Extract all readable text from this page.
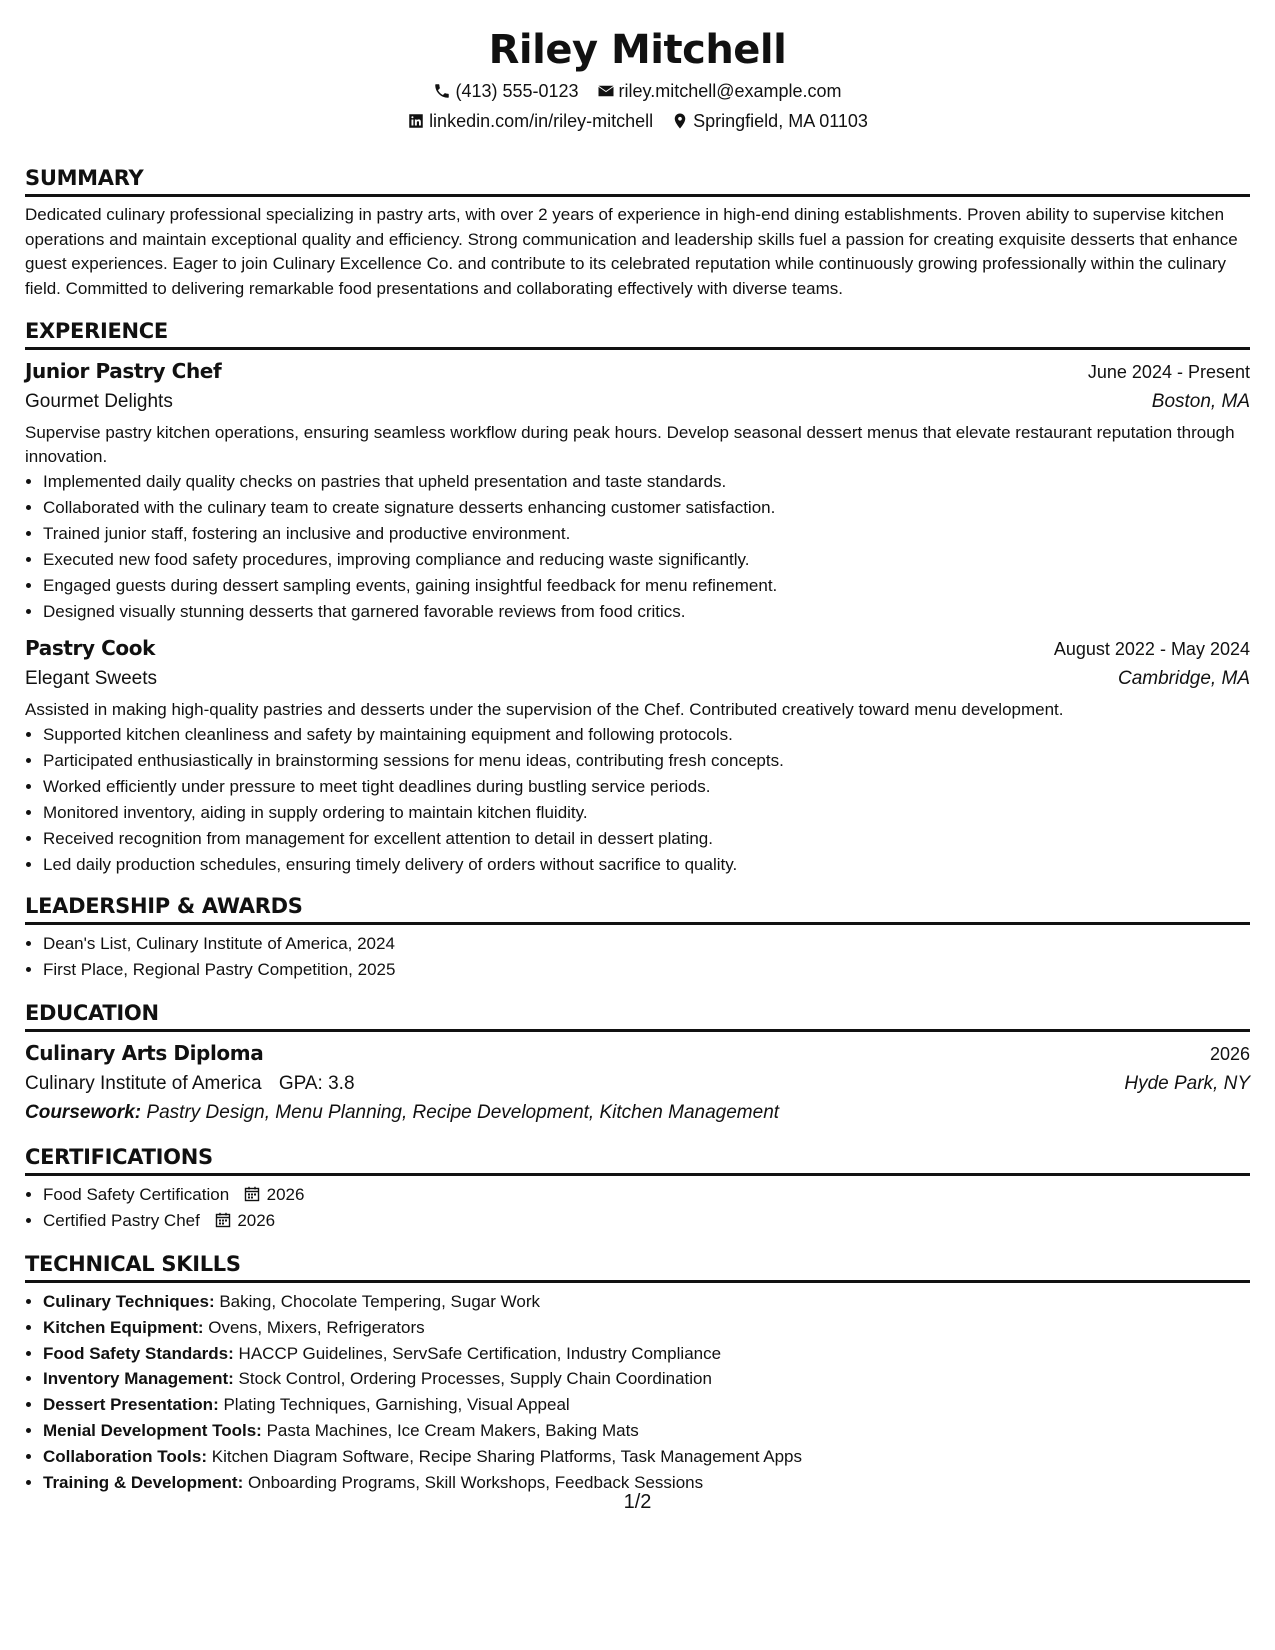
Riley Mitchell
(413) 555-0123 riley.mitchell@example.com
linkedin.com/in/riley-mitchell Springfield, MA 01103
SUMMARY

Dedicated culinary professional specializing in pastry arts, with over 2 years of experience in high-end dining establishments. Proven ability to supervise kitchen operations and maintain exceptional quality and efficiency. Strong communication and leadership skills fuel a passion for creating exquisite desserts that enhance guest experiences. Eager to join Culinary Excellence Co. and contribute to its celebrated reputation while continuously growing professionally within the culinary field. Committed to delivering remarkable food presentations and collaborating effectively with diverse teams.

EXPERIENCE
Junior Pastry Chef	June 2024 - Present
Gourmet Delights	Boston, MA

Supervise pastry kitchen operations, ensuring seamless workflow during peak hours. Develop seasonal dessert menus that elevate restaurant reputation through innovation.

• Implemented daily quality checks on pastries that upheld presentation and taste standards.
• Collaborated with the culinary team to create signature desserts enhancing customer satisfaction.
• Trained junior staff, fostering an inclusive and productive environment.
• Executed new food safety procedures, improving compliance and reducing waste significantly.
• Engaged guests during dessert sampling events, gaining insightful feedback for menu refinement.
• Designed visually stunning desserts that garnered favorable reviews from food critics.
Pastry Cook	August 2022 - May 2024
Elegant Sweets	Cambridge, MA

Assisted in making high-quality pastries and desserts under the supervision of the Chef. Contributed creatively toward menu development.

• Supported kitchen cleanliness and safety by maintaining equipment and following protocols.
• Participated enthusiastically in brainstorming sessions for menu ideas, contributing fresh concepts.
• Worked efficiently under pressure to meet tight deadlines during bustling service periods.
• Monitored inventory, aiding in supply ordering to maintain kitchen fluidity.
• Received recognition from management for excellent attention to detail in dessert plating.
• Led daily production schedules, ensuring timely delivery of orders without sacrifice to quality.
LEADERSHIP & AWARDS
• Dean's List, Culinary Institute of America, 2024
• First Place, Regional Pastry Competition, 2025
EDUCATION
Culinary Arts Diploma	2026
Culinary Institute of America GPA: 3.8	Hyde Park, NY
Coursework: Pastry Design, Menu Planning, Recipe Development, Kitchen Management
CERTIFICATIONS
• Food Safety Certification 2026
• Certified Pastry Chef 2026
TECHNICAL SKILLS
• Culinary Techniques: Baking, Chocolate Tempering, Sugar Work
• Kitchen Equipment: Ovens, Mixers, Refrigerators
• Food Safety Standards: HACCP Guidelines, ServSafe Certification, Industry Compliance
• Inventory Management: Stock Control, Ordering Processes, Supply Chain Coordination
• Dessert Presentation: Plating Techniques, Garnishing, Visual Appeal
• Menial Development Tools: Pasta Machines, Ice Cream Makers, Baking Mats
• Collaboration Tools: Kitchen Diagram Software, Recipe Sharing Platforms, Task Management Apps
• Training & Development: Onboarding Programs, Skill Workshops, Feedback Sessions
1/2
